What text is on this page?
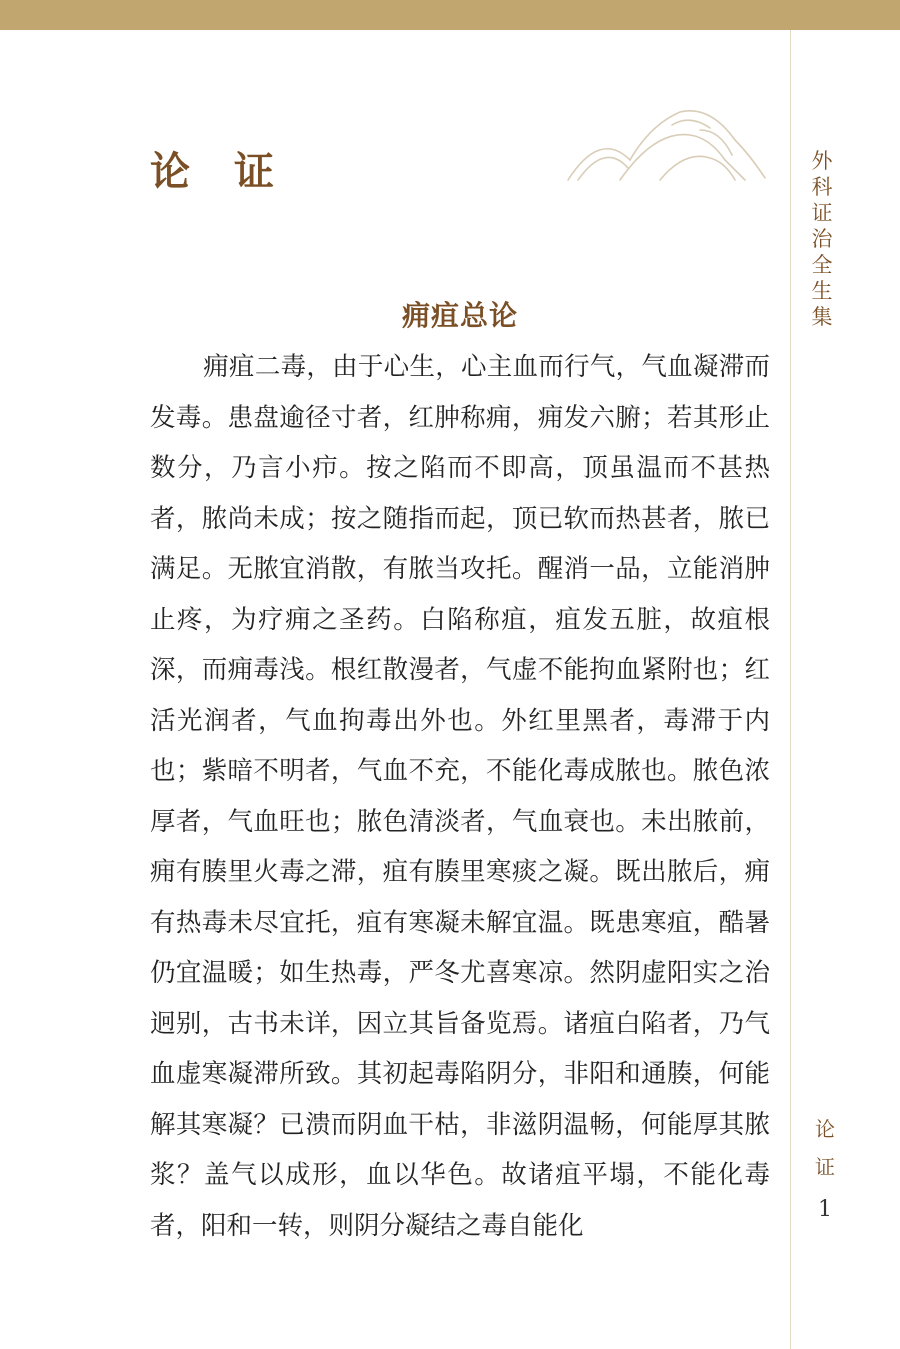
论　证	外
科
证
治
全
生
集
痈疽总论

痈疽二毒，由于心生，心主血而行气，气血凝滞而发毒。患盘逾径寸者，红肿称痈，痈发六腑；若其形止数分，乃言小疖。按之陷而不即高，顶虽温而不甚热者，脓尚未成；按之随指而起，顶已软而热甚者，脓已满足。无脓宜消散，有脓当攻托。醒消一品，立能消肿止疼，为疗痈之圣药。白陷称疽，疽发五脏，故疽根深，而痈毒浅。根红散漫者，气虚不能拘血紧附也；红活光润者，气血拘毒出外也。外红里黑者，毒滞于内也；紫暗不明者，气血不充，不能化毒成脓也。脓色浓厚者，气血旺也；脓色清淡者，气血衰也。未出脓前，痈有腠里火毒之滞，疽有腠里寒痰之凝。既出脓后，痈有热毒未尽宜托，疽有寒凝未解宜温。既患寒疽，酷暑仍宜温暖；如生热毒，严冬尤喜寒凉。然阴虚阳实之治迥别，古书未详，因立其旨备览焉。诸疽白陷者，乃气血虚寒凝滞所致。其初起毒陷阴分，非阳和通腠，何能解其寒凝？已溃而阴血干枯，非滋阴温畅，何能厚其脓浆？盖气以成形，血以华色。故诸疽平塌，不能化毒者，阳和一转，则阴分凝结之毒自能化

论
证
1
